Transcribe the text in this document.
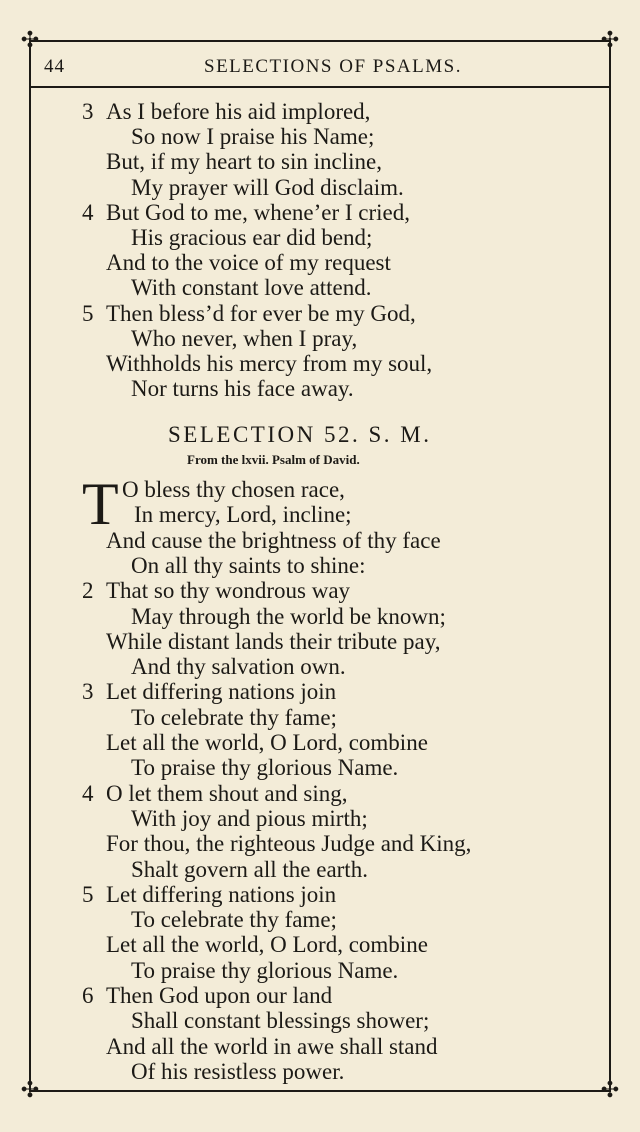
✣	✣
✣	✣
44	SELECTIONS OF PSALMS.
3 As I before his aid implored,
So now I praise his Name;
But, if my heart to sin incline,
My prayer will God disclaim.
4 But God to me, whene’er I cried,
His gracious ear did bend;
And to the voice of my request
With constant love attend.
5 Then bless’d for ever be my God,
Who never, when I pray,
Withholds his mercy from my soul,
Nor turns his face away.
O bless thy chosen race,
In mercy, Lord, incline;
And cause the brightness of thy face
On all thy saints to shine:
2 That so thy wondrous way
May through the world be known;
While distant lands their tribute pay,
And thy salvation own.
3 Let differing nations join
To celebrate thy fame;
Let all the world, O Lord, combine
To praise thy glorious Name.
4 O let them shout and sing,
With joy and pious mirth;
For thou, the righteous Judge and King,
Shalt govern all the earth.
5 Let differing nations join
To celebrate thy fame;
Let all the world, O Lord, combine
To praise thy glorious Name.
6 Then God upon our land
Shall constant blessings shower;
And all the world in awe shall stand
Of his resistless power.
SELECTION 52. S. M.
From the lxvii. Psalm of David.
T
